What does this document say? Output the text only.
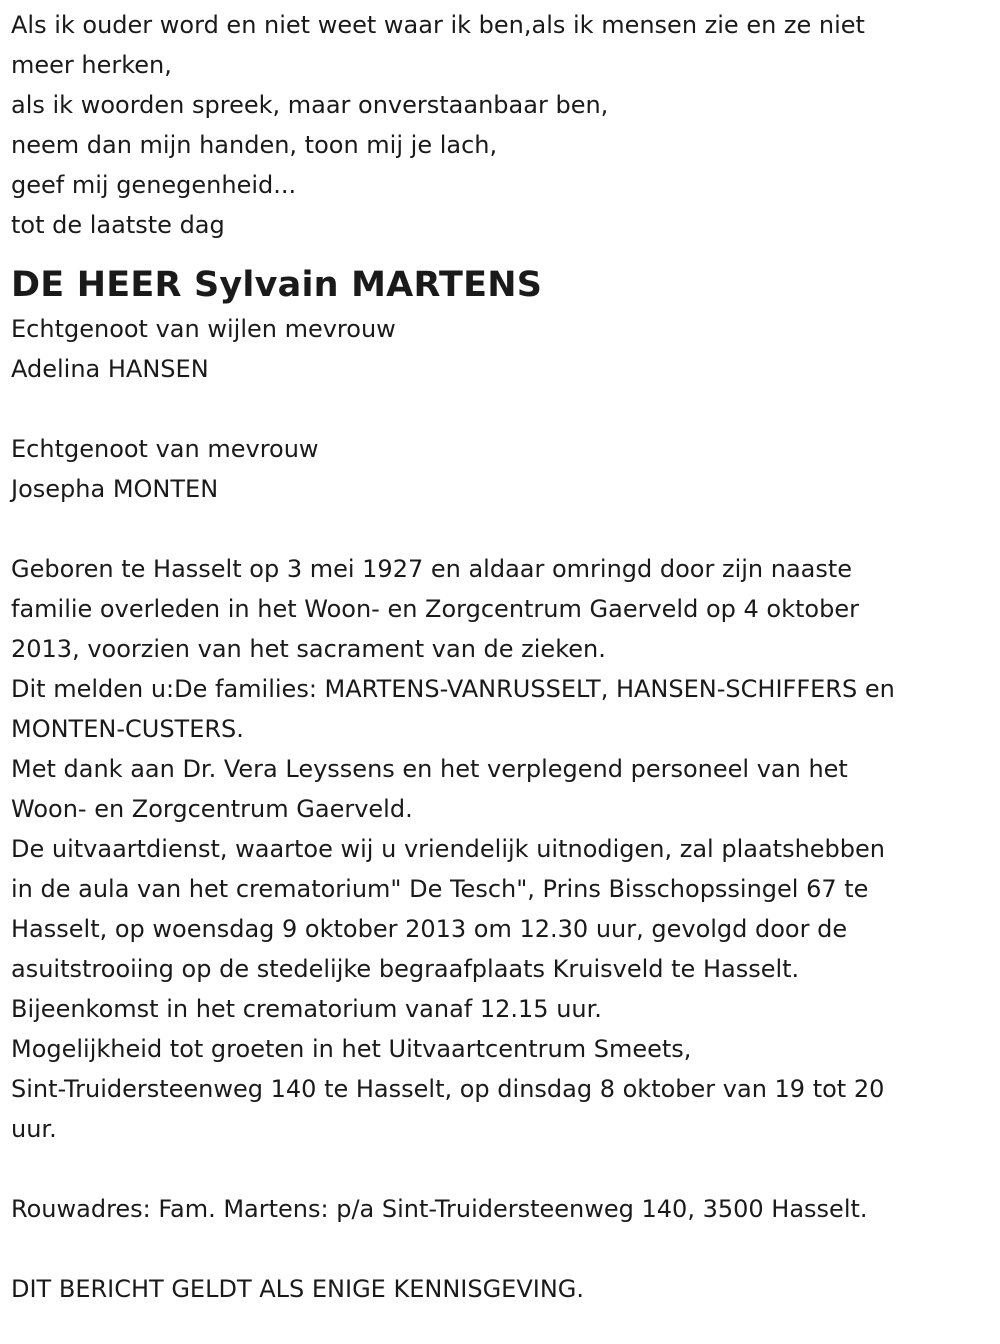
Als ik ouder word en niet weet waar ik ben,als ik mensen zie en ze niet

meer herken,

als ik woorden spreek, maar onverstaanbaar ben,

neem dan mijn handen, toon mij je lach,

geef mij genegenheid...

tot de laatste dag

DE HEER Sylvain MARTENS

Echtgenoot van wijlen mevrouw

Adelina HANSEN

Echtgenoot van mevrouw

Josepha MONTEN

Geboren te Hasselt op 3 mei 1927 en aldaar omringd door zijn naaste

familie overleden in het Woon- en Zorgcentrum Gaerveld op 4 oktober

2013, voorzien van het sacrament van de zieken.

Dit melden u:De families: MARTENS-VANRUSSELT, HANSEN-SCHIFFERS en

MONTEN-CUSTERS.

Met dank aan Dr. Vera Leyssens en het verplegend personeel van het

Woon- en Zorgcentrum Gaerveld.

De uitvaartdienst, waartoe wij u vriendelijk uitnodigen, zal plaatshebben

in de aula van het crematorium" De Tesch", Prins Bisschopssingel 67 te

Hasselt, op woensdag 9 oktober 2013 om 12.30 uur, gevolgd door de

asuitstrooiing op de stedelijke begraafplaats Kruisveld te Hasselt.

Bijeenkomst in het crematorium vanaf 12.15 uur.

Mogelijkheid tot groeten in het Uitvaartcentrum Smeets,

Sint-Truidersteenweg 140 te Hasselt, op dinsdag 8 oktober van 19 tot 20

uur.

Rouwadres: Fam. Martens: p/a Sint-Truidersteenweg 140, 3500 Hasselt.

DIT BERICHT GELDT ALS ENIGE KENNISGEVING.
